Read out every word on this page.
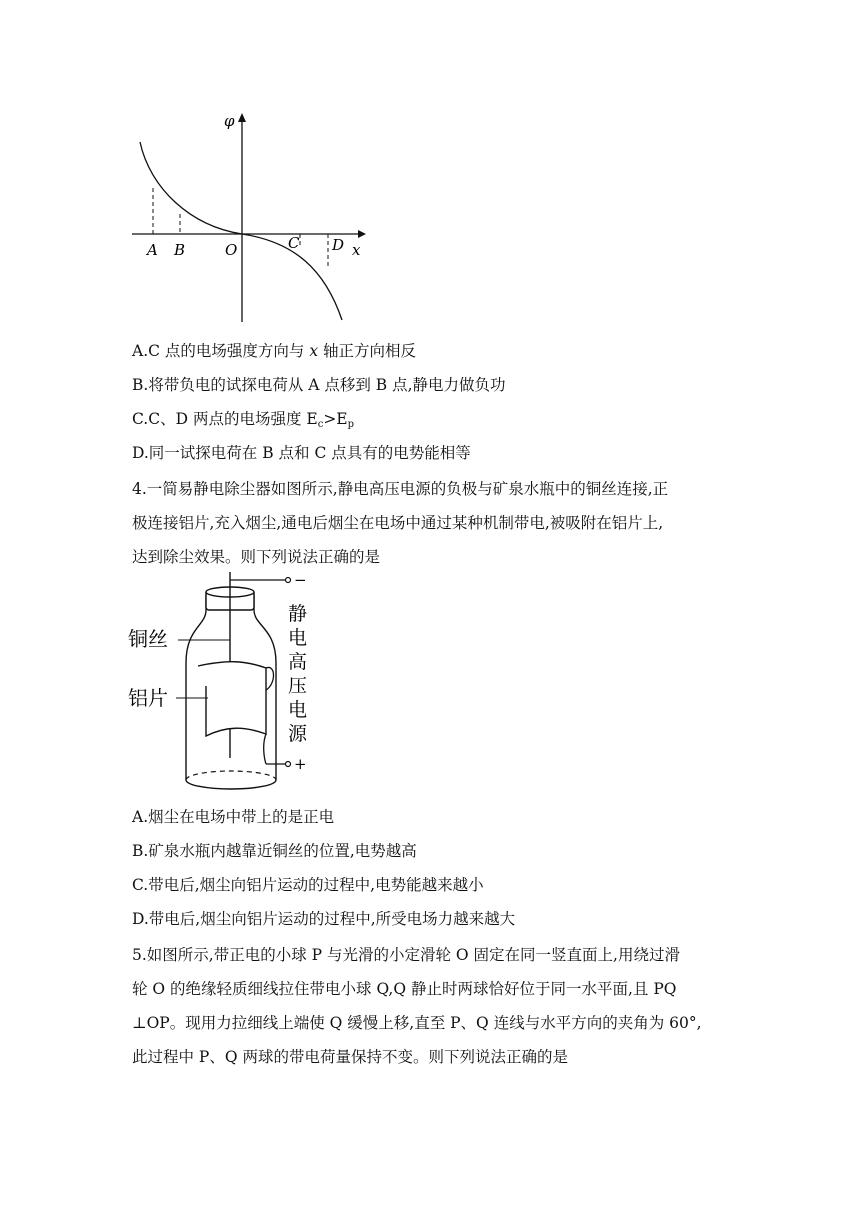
φ
x
A B	O	C D
A.C 点的电场强度方向与 x 轴正方向相反
B.将带负电的试探电荷从 A 点移到 B 点,静电力做负功
C.C、D 两点的电场强度 $E_c>E_p$
D.同一试探电荷在 B 点和 C 点具有的电势能相等
4.一简易静电除尘器如图所示,静电高压电源的负极与矿泉水瓶中的铜丝连接,正
极连接铝片,充入烟尘,通电后烟尘在电场中通过某种机制带电,被吸附在铝片上,
达到除尘效果。则下列说法正确的是
−
+
铜丝
铝片
静
电
高
压
电
源
A.烟尘在电场中带上的是正电
B.矿泉水瓶内越靠近铜丝的位置,电势越高
C.带电后,烟尘向铝片运动的过程中,电势能越来越小
D.带电后,烟尘向铝片运动的过程中,所受电场力越来越大
5.如图所示,带正电的小球 P 与光滑的小定滑轮 O 固定在同一竖直面上,用绕过滑
轮 O 的绝缘轻质细线拉住带电小球 Q,Q 静止时两球恰好位于同一水平面,且 PQ
⊥OP。现用力拉细线上端使 Q 缓慢上移,直至 P、Q 连线与水平方向的夹角为 60°,
此过程中 P、Q 两球的带电荷量保持不变。则下列说法正确的是
